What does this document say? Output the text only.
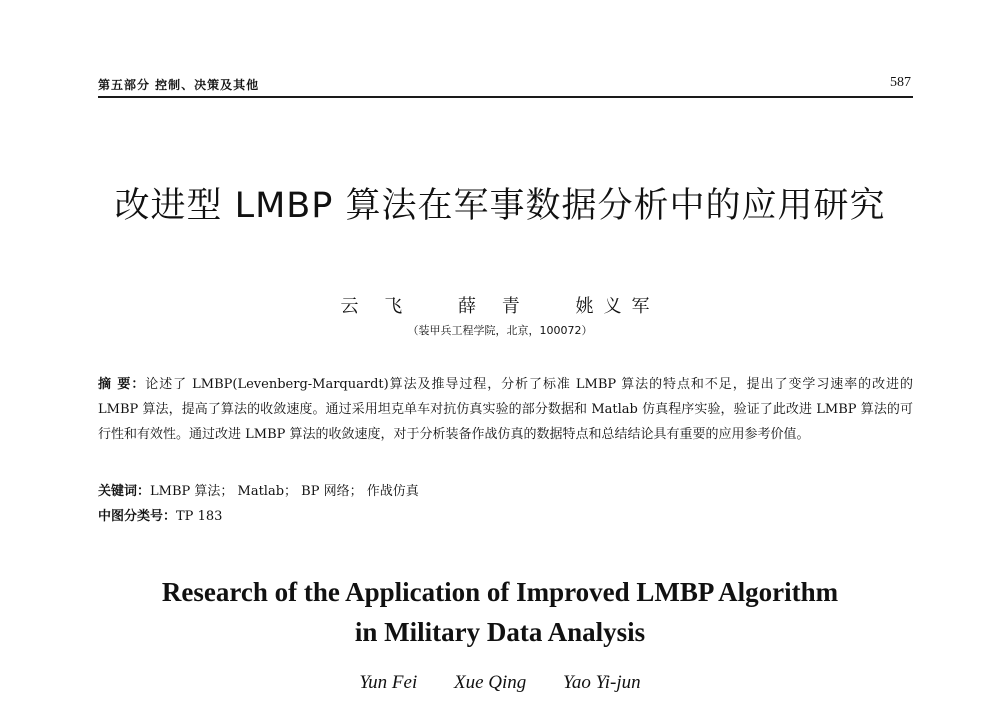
第五部分 控制、决策及其他	587
改进型 LMBP 算法在军事数据分析中的应用研究
云 飞	薛 青	姚义军
（装甲兵工程学院，北京，100072）
摘 要：论述了 LMBP(Levenberg-Marquardt)算法及推导过程，分析了标准 LMBP 算法的特点和不足，提出了变学习速率的改进的 LMBP 算法，提高了算法的收敛速度。通过采用坦克单车对抗仿真实验的部分数据和 Matlab 仿真程序实验，验证了此改进 LMBP 算法的可行性和有效性。通过改进 LMBP 算法的收敛速度，对于分析装备作战仿真的数据特点和总结结论具有重要的应用参考价值。
关键词：LMBP 算法； Matlab； BP 网络； 作战仿真
中图分类号：TP 183
Research of the Application of Improved LMBP Algorithm
in Military Data Analysis
Yun Fei Xue Qing Yao Yi-jun
